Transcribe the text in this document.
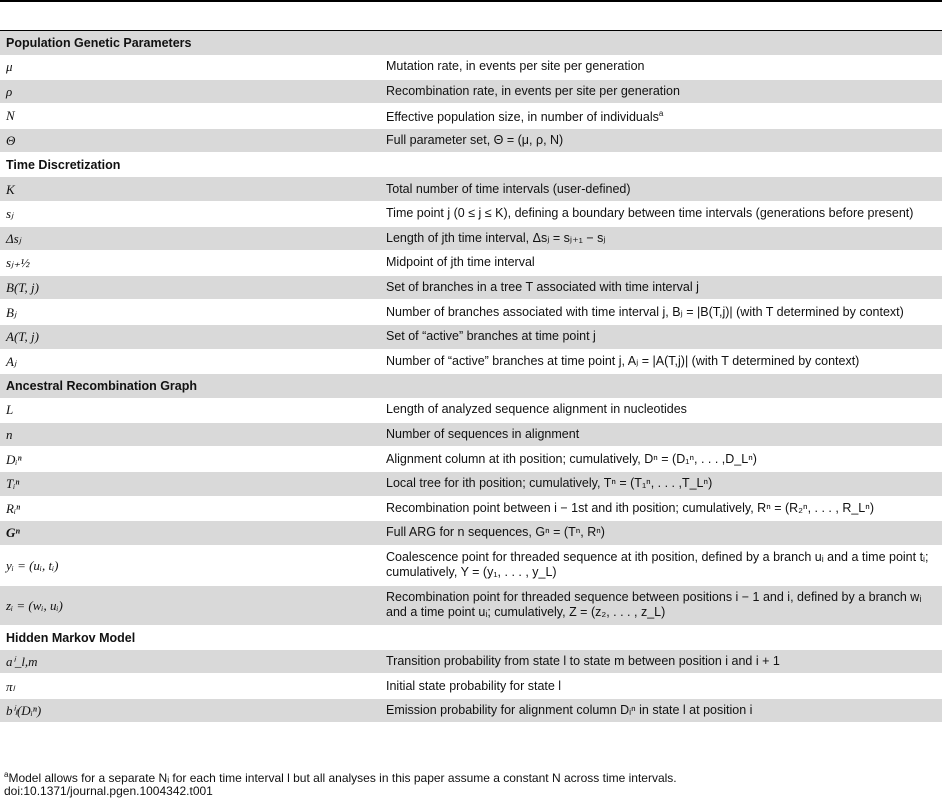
Population Genetic Parameters	
μ	Mutation rate, in events per site per generation
ρ	Recombination rate, in events per site per generation
N	Effective population size, in number of individuals$^a$
Θ	Full parameter set, Θ = (μ, ρ, N)
Time Discretization	
K	Total number of time intervals (user-defined)
sⱼ	Time point j (0 ≤ j ≤ K), defining a boundary between time intervals (generations before present)
Δsⱼ	Length of jth time interval, Δsⱼ = sⱼ₊₁ − sⱼ
sⱼ₊½	Midpoint of jth time interval
B(T, j)	Set of branches in a tree T associated with time interval j
Bⱼ	Number of branches associated with time interval j, Bⱼ = |B(T,j)| (with T determined by context)
A(T, j)	Set of “active” branches at time point j
Aⱼ	Number of “active” branches at time point j, Aⱼ = |A(T,j)| (with T determined by context)
Ancestral Recombination Graph	
L	Length of analyzed sequence alignment in nucleotides
n	Number of sequences in alignment
Dᵢⁿ	Alignment column at ith position; cumulatively, Dⁿ = (D₁ⁿ, . . . ,D_Lⁿ)
Tᵢⁿ	Local tree for ith position; cumulatively, Tⁿ = (T₁ⁿ, . . . ,T_Lⁿ)
Rᵢⁿ	Recombination point between i − 1st and ith position; cumulatively, Rⁿ = (R₂ⁿ, . . . , R_Lⁿ)
Gⁿ	Full ARG for n sequences, Gⁿ = (Tⁿ, Rⁿ)
yᵢ = (uᵢ, tᵢ)	Coalescence point for threaded sequence at ith position, defined by a branch uᵢ and a time point tᵢ;
cumulatively, Y = (y₁, . . . , y_L)

zᵢ = (wᵢ, uᵢ)	Recombination point for threaded sequence between positions i − 1 and i, defined by a branch wᵢ
and a time point uᵢ; cumulatively, Z = (z₂, . . . , z_L)

Hidden Markov Model	
aⁱ_l,m	Transition probability from state l to state m between position i and i + 1
πₗ	Initial state probability for state l
bⁱₗ(Dᵢⁿ)	Emission probability for alignment column Dᵢⁿ in state l at position i

$^a$Model allows for a separate Nᵢ for each time interval l but all analyses in this paper assume a constant N across time intervals.
doi:10.1371/journal.pgen.1004342.t001
